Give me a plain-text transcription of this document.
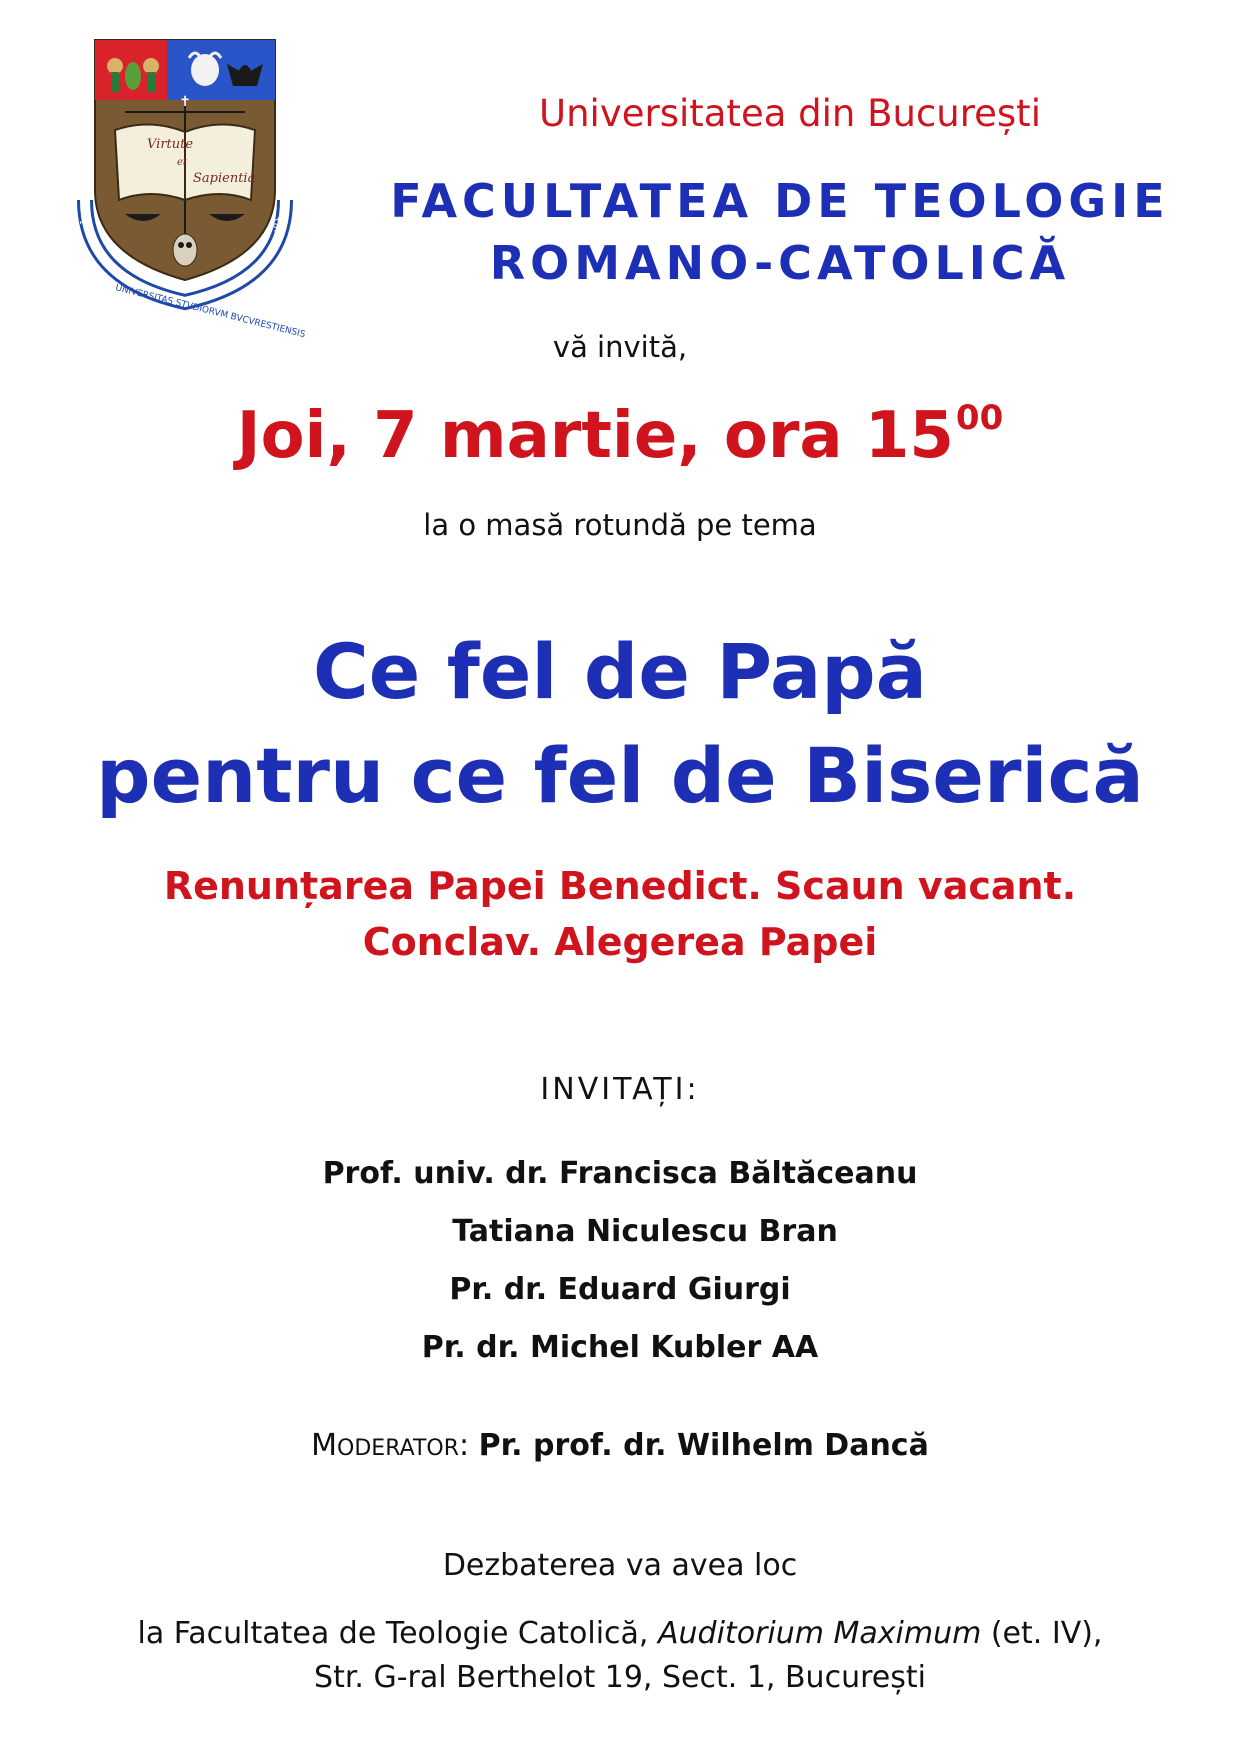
✝
Virtute
et
Sapientia
1694
1864
UNIVERSITAS STVDIORVM BVCVRESTIENSIS
Universitatea din București
FACULTATEA DE TEOLOGIE
ROMANO-CATOLICĂ
vă invită,
Joi, 7 martie, ora $15^{00}$
la o masă rotundă pe tema
Ce fel de Papă
pentru ce fel de Biserică
Renunțarea Papei Benedict. Scaun vacant.
Conclav. Alegerea Papei
INVITAȚI:
Prof. univ. dr. Francisca Băltăceanu
Tatiana Niculescu Bran
Pr. dr. Eduard Giurgi
Pr. dr. Michel Kubler AA
MODERATOR: Pr. prof. dr. Wilhelm Dancă
Dezbaterea va avea loc
la Facultatea de Teologie Catolică, Auditorium Maximum (et. IV),
Str. G-ral Berthelot 19, Sect. 1, București
